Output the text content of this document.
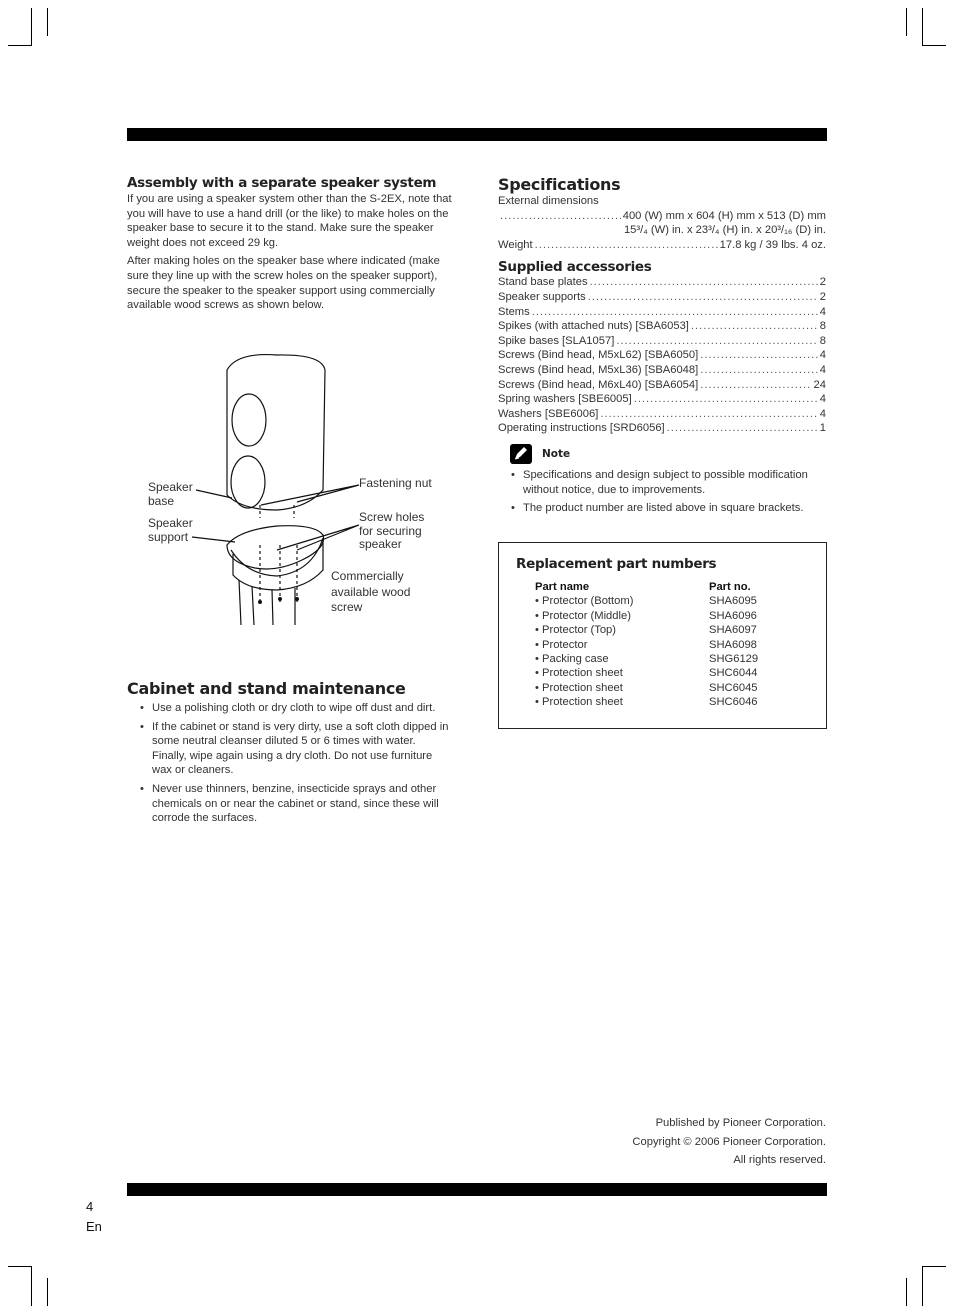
Assembly with a separate speaker system

If you are using a speaker system other than the S-2EX, note that you will have to use a hand drill (or the like) to make holes on the speaker base to secure it to the stand. Make sure the speaker weight does not exceed 29 kg.

After making holes on the speaker base where indicated (make sure they line up with the screw holes on the speaker support), secure the speaker to the speaker support using commercially available wood screws as shown below.

Speaker
base
Speaker
support
Fastening nut
Screw holes
for securing
speaker
Commercially
available wood
screw
Cabinet and stand maintenance
• Use a polishing cloth or dry cloth to wipe off dust and dirt.
• If the cabinet or stand is very dirty, use a soft cloth dipped in some neutral cleanser diluted 5 or 6 times with water. Finally, wipe again using a dry cloth. Do not use furniture wax or cleaners.
• Never use thinners, benzine, insecticide sprays and other chemicals on or near the cabinet or stand, since these will corrode the surfaces.
Specifications
External dimensions
.....
400 (W) mm x 604 (H) mm x 513 (D) mm
15³/₄ (W) in. x 23³/₄ (H) in. x 20³/₁₆ (D) in.
Weight .....	17.8 kg / 39 lbs. 4 oz.
Supplied accessories
Stand base plates .....	2
Speaker supports .....	2
Stems .....	4
Spikes (with attached nuts) [SBA6053] .....	8
Spike bases [SLA1057] .....	8
Screws (Bind head, M5xL62) [SBA6050] .....	4
Screws (Bind head, M5xL36) [SBA6048] .....	4
Screws (Bind head, M6xL40) [SBA6054] .....	24
Spring washers [SBE6005] .....	4
Washers [SBE6006] .....	4
Operating instructions [SRD6056] .....	1
Note
• Specifications and design subject to possible modification without notice, due to improvements.
• The product number are listed above in square brackets.
Replacement part numbers
Part name	Part no.
• Protector (Bottom)	SHA6095
• Protector (Middle)	SHA6096
• Protector (Top)	SHA6097
• Protector	SHA6098
• Packing case	SHG6129
• Protection sheet	SHC6044
• Protection sheet	SHC6045
• Protection sheet	SHC6046
Published by Pioneer Corporation.
Copyright © 2006 Pioneer Corporation.
All rights reserved.
4
En
